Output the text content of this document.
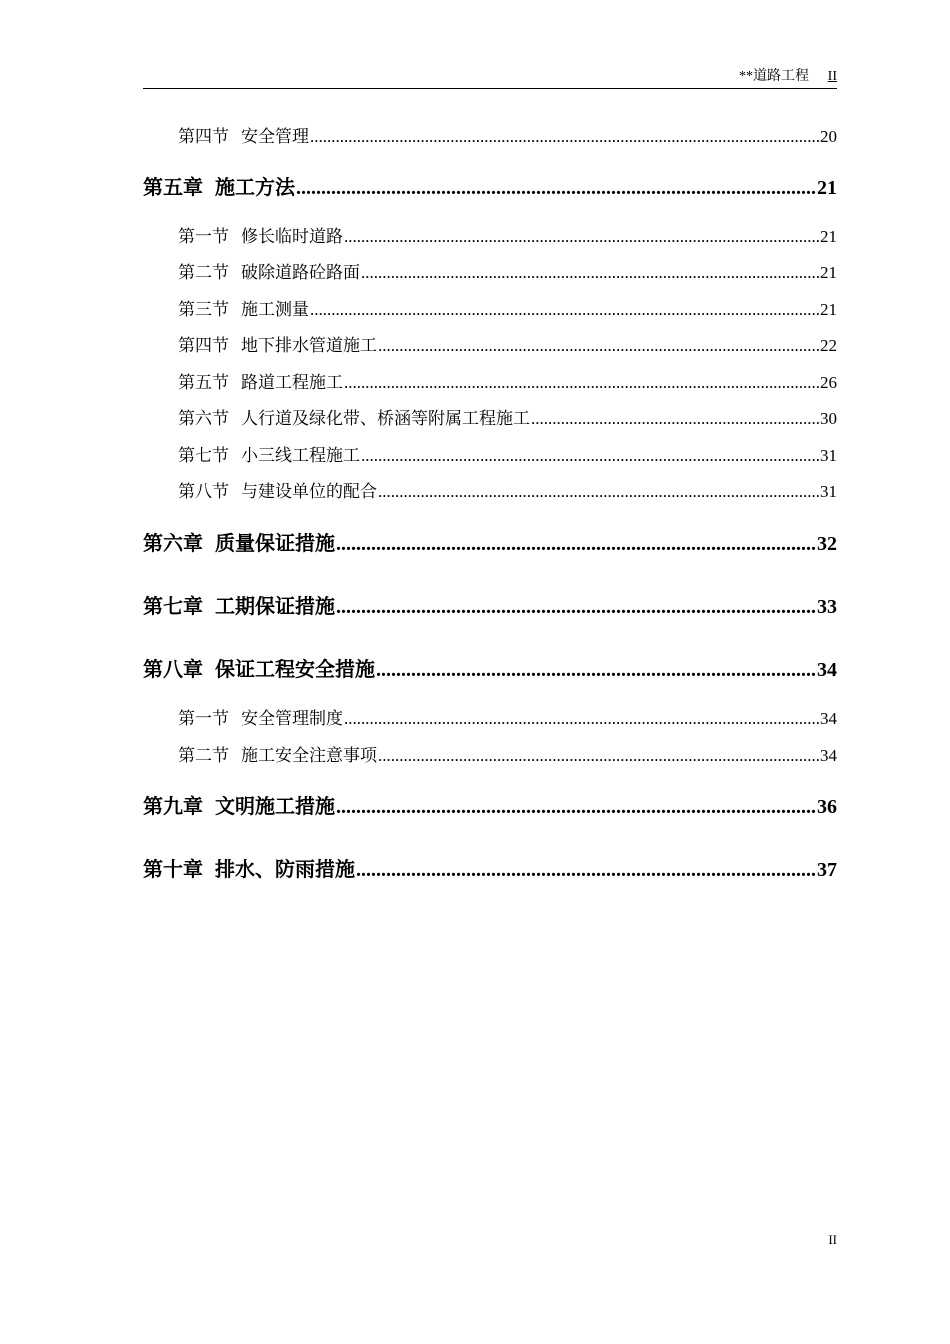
**道路工程 II
第四节 安全管理 .....	20
第五章 施工方法 .....	21
第一节 修长临时道路 .....	21
第二节 破除道路砼路面 .....	21
第三节 施工测量 .....	21
第四节 地下排水管道施工 .....	22
第五节 路道工程施工 .....	26
第六节 人行道及绿化带、桥涵等附属工程施工 .....	30
第七节 小三线工程施工 .....	31
第八节 与建设单位的配合 .....	31
第六章 质量保证措施 .....	32
第七章 工期保证措施 .....	33
第八章 保证工程安全措施 .....	34
第一节 安全管理制度 .....	34
第二节 施工安全注意事项 .....	34
第九章 文明施工措施 .....	36
第十章 排水、防雨措施 .....	37
II
